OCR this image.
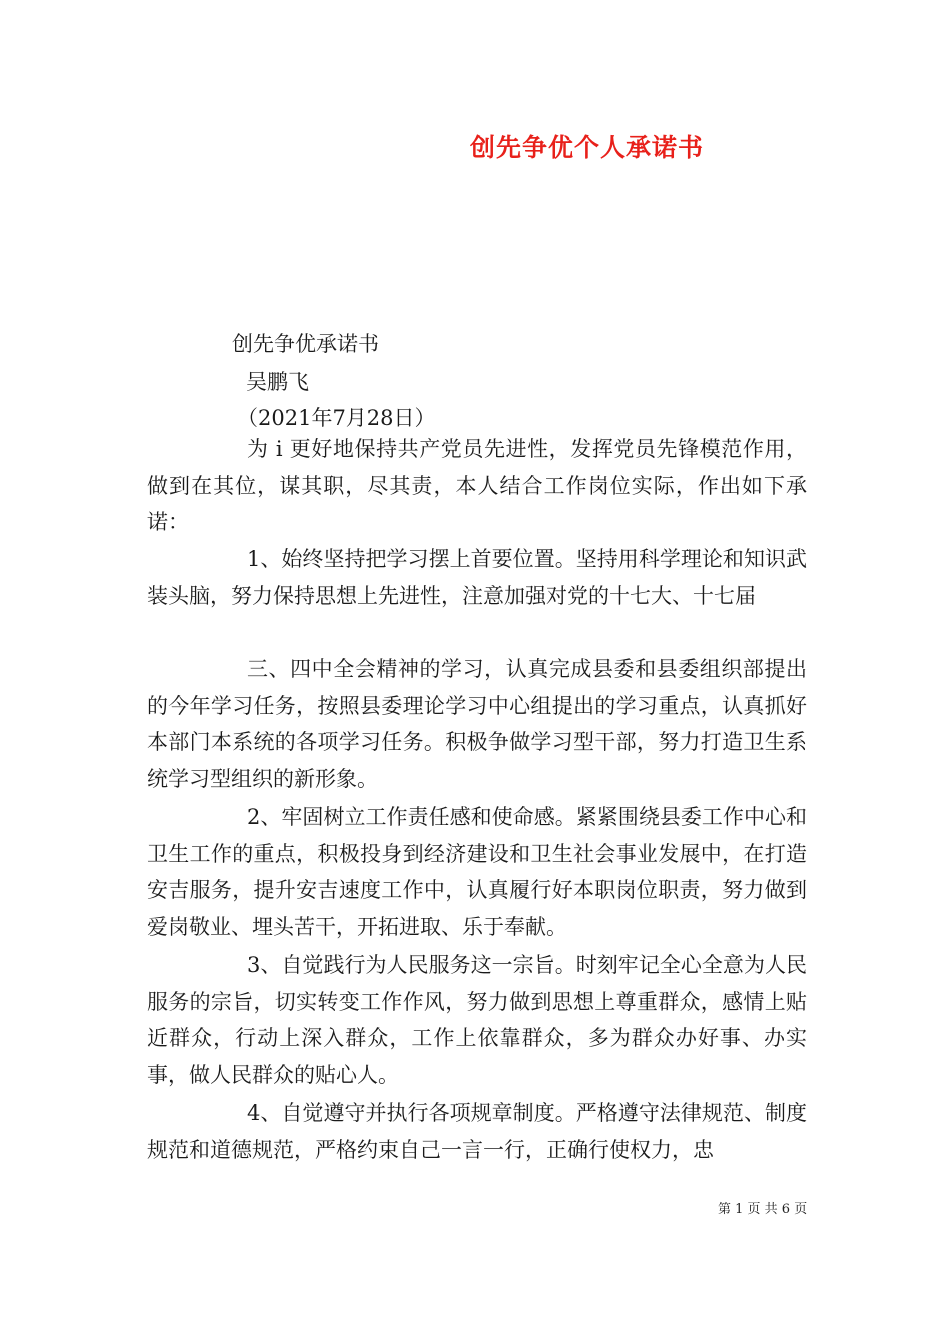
创先争优个人承诺书
创先争优承诺书
吴鹏飞
（2021年7月28日）
为 i 更好地保持共产党员先进性，发挥党员先锋模范作用，做到在其位，谋其职，尽其责，本人结合工作岗位实际，作出如下承诺：
1、始终坚持把学习摆上首要位置。坚持用科学理论和知识武装头脑，努力保持思想上先进性，注意加强对党的十七大、十七届
三、四中全会精神的学习，认真完成县委和县委组织部提出的今年学习任务，按照县委理论学习中心组提出的学习重点，认真抓好本部门本系统的各项学习任务。积极争做学习型干部，努力打造卫生系统学习型组织的新形象。
2、牢固树立工作责任感和使命感。紧紧围绕县委工作中心和卫生工作的重点，积极投身到经济建设和卫生社会事业发展中，在打造安吉服务，提升安吉速度工作中，认真履行好本职岗位职责，努力做到爱岗敬业、埋头苦干，开拓进取、乐于奉献。
3、自觉践行为人民服务这一宗旨。时刻牢记全心全意为人民服务的宗旨，切实转变工作作风，努力做到思想上尊重群众，感情上贴近群众，行动上深入群众，工作上依靠群众，多为群众办好事、办实事，做人民群众的贴心人。
4、自觉遵守并执行各项规章制度。严格遵守法律规范、制度规范和道德规范，严格约束自己一言一行，正确行使权力，忠
第 1 页 共 6 页
